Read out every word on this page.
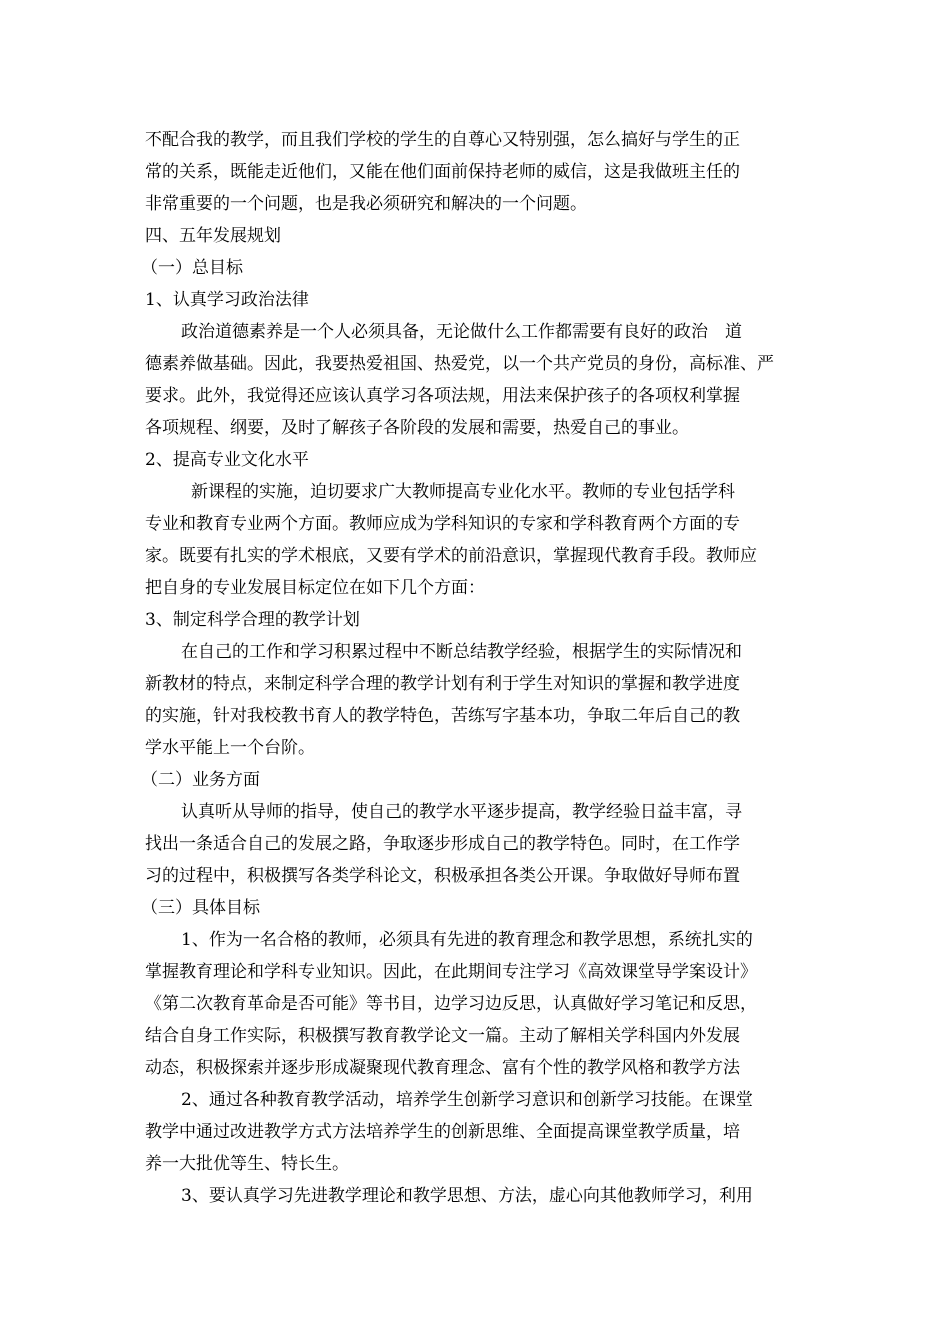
不配合我的教学，而且我们学校的学生的自尊心又特别强，怎么搞好与学生的正
常的关系，既能走近他们，又能在他们面前保持老师的威信，这是我做班主任的
非常重要的一个问题，也是我必须研究和解决的一个问题。
四、五年发展规划
（一）总目标
1、认真学习政治法律
政治道德素养是一个人必须具备，无论做什么工作都需要有良好的政治　道
德素养做基础。因此，我要热爱祖国、热爱党，以一个共产党员的身份，高标准、严
要求。此外，我觉得还应该认真学习各项法规，用法来保护孩子的各项权利掌握
各项规程、纲要，及时了解孩子各阶段的发展和需要，热爱自己的事业。
2、提高专业文化水平
新课程的实施，迫切要求广大教师提高专业化水平。教师的专业包括学科
专业和教育专业两个方面。教师应成为学科知识的专家和学科教育两个方面的专
家。既要有扎实的学术根底，又要有学术的前沿意识，掌握现代教育手段。教师应
把自身的专业发展目标定位在如下几个方面：
3、制定科学合理的教学计划
在自己的工作和学习积累过程中不断总结教学经验，根据学生的实际情况和
新教材的特点，来制定科学合理的教学计划有利于学生对知识的掌握和教学进度
的实施，针对我校教书育人的教学特色，苦练写字基本功，争取二年后自己的教
学水平能上一个台阶。
（二）业务方面
认真听从导师的指导，使自己的教学水平逐步提高，教学经验日益丰富，寻
找出一条适合自己的发展之路，争取逐步形成自己的教学特色。同时，在工作学
习的过程中，积极撰写各类学科论文，积极承担各类公开课。争取做好导师布置
（三）具体目标
1、作为一名合格的教师，必须具有先进的教育理念和教学思想，系统扎实的
掌握教育理论和学科专业知识。因此，在此期间专注学习《高效课堂导学案设计》
《第二次教育革命是否可能》等书目，边学习边反思，认真做好学习笔记和反思，
结合自身工作实际，积极撰写教育教学论文一篇。主动了解相关学科国内外发展
动态，积极探索并逐步形成凝聚现代教育理念、富有个性的教学风格和教学方法
2、通过各种教育教学活动，培养学生创新学习意识和创新学习技能。在课堂
教学中通过改进教学方式方法培养学生的创新思维、全面提高课堂教学质量，培
养一大批优等生、特长生。
3、要认真学习先进教学理论和教学思想、方法，虚心向其他教师学习，利用
